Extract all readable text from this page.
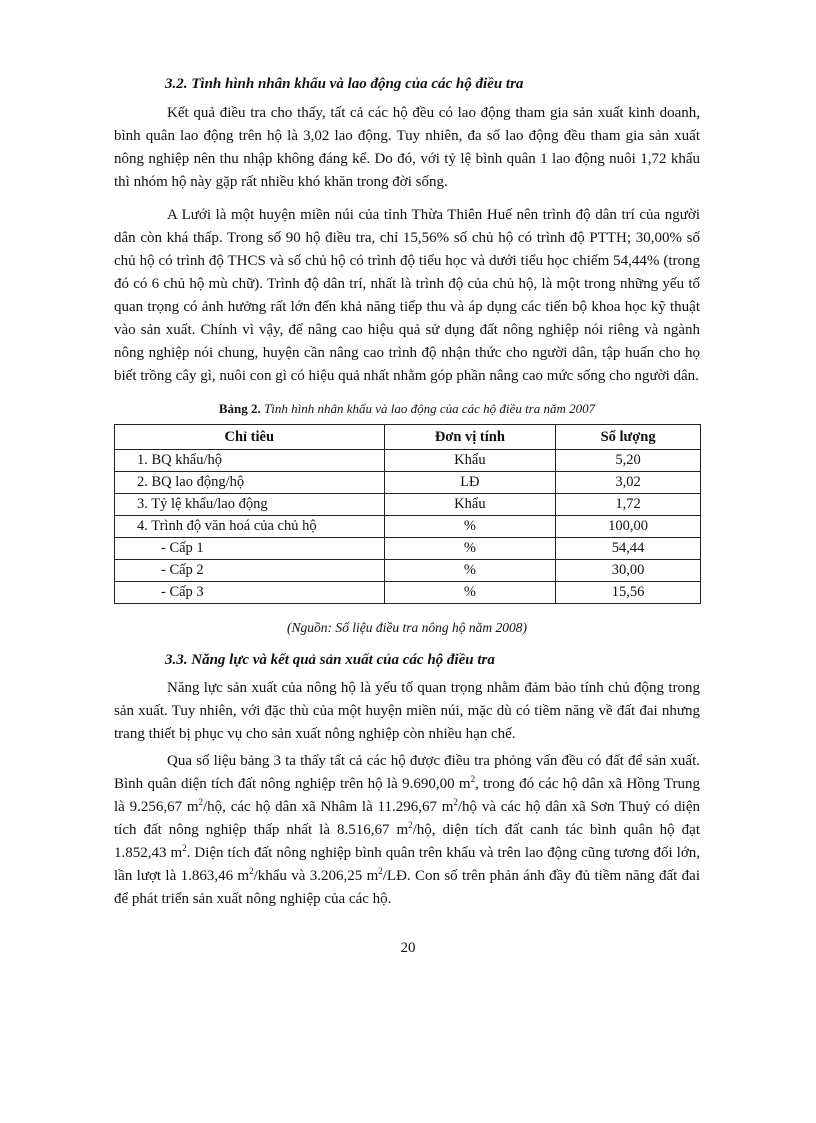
3.2. Tình hình nhân khẩu và lao động của các hộ điều tra

Kết quả điều tra cho thấy, tất cả các hộ đều có lao động tham gia sản xuất kinh doanh, bình quân lao động trên hộ là 3,02 lao động. Tuy nhiên, đa số lao động đều tham gia sản xuất nông nghiệp nên thu nhập không đáng kể. Do đó, với tỷ lệ bình quân 1 lao động nuôi 1,72 khẩu thì nhóm hộ này gặp rất nhiều khó khăn trong đời sống.

A Lưới là một huyện miền núi của tỉnh Thừa Thiên Huế nên trình độ dân trí của người dân còn khá thấp. Trong số 90 hộ điều tra, chỉ 15,56% số chủ hộ có trình độ PTTH; 30,00% số chủ hộ có trình độ THCS và số chủ hộ có trình độ tiểu học và dưới tiểu học chiếm 54,44% (trong đó có 6 chủ hộ mù chữ). Trình độ dân trí, nhất là trình độ của chủ hộ, là một trong những yếu tố quan trọng có ảnh hưởng rất lớn đến khả năng tiếp thu và áp dụng các tiến bộ khoa học kỹ thuật vào sản xuất. Chính vì vậy, để nâng cao hiệu quả sử dụng đất nông nghiệp nói riêng và ngành nông nghiệp nói chung, huyện cần nâng cao trình độ nhận thức cho người dân, tập huấn cho họ biết trồng cây gì, nuôi con gì có hiệu quả nhất nhằm góp phần nâng cao mức sống cho người dân.

Bảng 2. Tình hình nhân khẩu và lao động của các hộ điều tra năm 2007
Chỉ tiêu	Đơn vị tính	Số lượng
1. BQ khẩu/hộ	Khẩu	5,20
2. BQ lao động/hộ	LĐ	3,02
3. Tỷ lệ khẩu/lao động	Khẩu	1,72
4. Trình độ văn hoá của chủ hộ	%	100,00
- Cấp 1	%	54,44
- Cấp 2	%	30,00
- Cấp 3	%	15,56
(Nguồn: Số liệu điều tra nông hộ năm 2008)
3.3. Năng lực và kết quả sản xuất của các hộ điều tra

Năng lực sản xuất của nông hộ là yếu tố quan trọng nhằm đảm bảo tính chủ động trong sản xuất. Tuy nhiên, với đặc thù của một huyện miền núi, mặc dù có tiềm năng về đất đai nhưng trang thiết bị phục vụ cho sản xuất nông nghiệp còn nhiều hạn chế.

Qua số liệu bảng 3 ta thấy tất cả các hộ được điều tra phỏng vấn đều có đất để sản xuất. Bình quân diện tích đất nông nghiệp trên hộ là 9.690,00 $m^2$, trong đó các hộ dân xã Hồng Trung là 9.256,67 $m^2/hộ$, các hộ dân xã Nhâm là 11.296,67 $m^2/hộ$ và các hộ dân xã Sơn Thuỷ có diện tích đất nông nghiệp thấp nhất là 8.516,67 $m^2/hộ$, diện tích đất canh tác bình quân hộ đạt 1.852,43 $m^2$. Diện tích đất nông nghiệp bình quân trên khẩu và trên lao động cũng tương đối lớn, lần lượt là 1.863,46 $m^2$/khẩu và 3.206,25 $m^2/LĐ$. Con số trên phản ánh đầy đủ tiềm năng đất đai để phát triển sản xuất nông nghiệp của các hộ.

20
